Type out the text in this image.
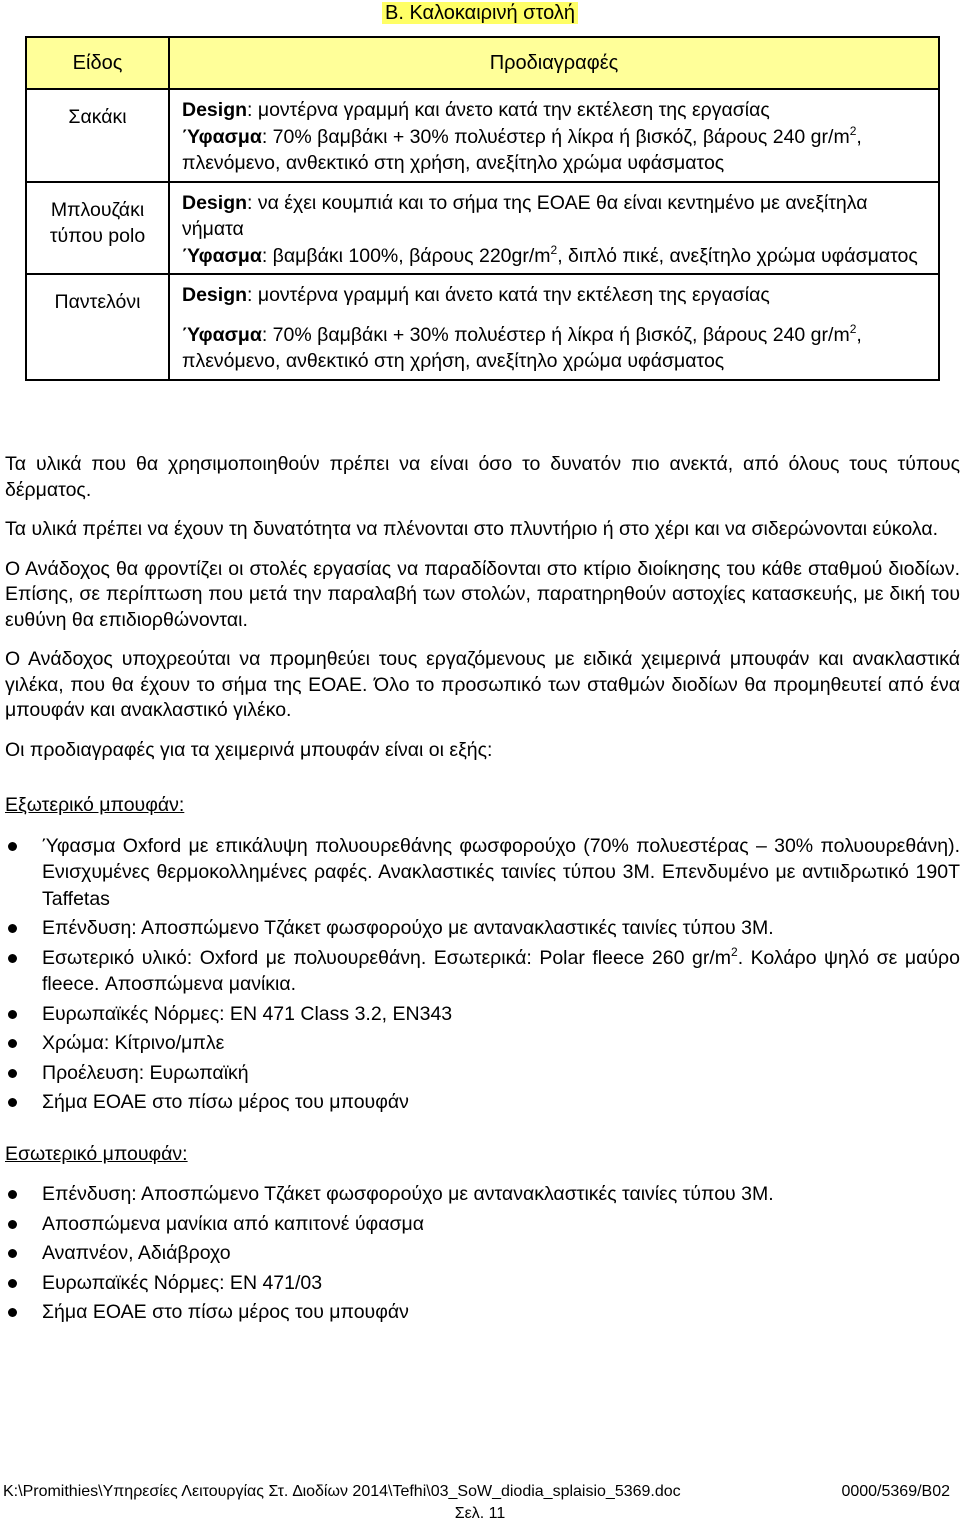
Β. Καλοκαιρινή στολή
Είδος	Προδιαγραφές
Σακάκι	Design: μοντέρνα γραμμή και άνετο κατά την εκτέλεση της εργασίας

Ύφασμα: 70% βαμβάκι + 30% πολυέστερ ή λίκρα ή βισκόζ, βάρους 240 $gr/m^2$, πλενόμενο, ανθεκτικό στη χρήση, ανεξίτηλο χρώμα υφάσματος

Μπλουζάκι τύπου polo	Design: να έχει κουμπιά και το σήμα της ΕΟΑΕ θα είναι κεντημένο με ανεξίτηλα νήματα

Ύφασμα: βαμβάκι 100%, βάρους $220gr/m^2$, διπλό πικέ, ανεξίτηλο χρώμα υφάσματος

Παντελόνι	Design: μοντέρνα γραμμή και άνετο κατά την εκτέλεση της εργασίας

Ύφασμα: 70% βαμβάκι + 30% πολυέστερ ή λίκρα ή βισκόζ, βάρους 240 $gr/m^2$, πλενόμενο, ανθεκτικό στη χρήση, ανεξίτηλο χρώμα υφάσματος

Τα υλικά που θα χρησιμοποιηθούν πρέπει να είναι όσο το δυνατόν πιο ανεκτά, από όλους τους τύπους δέρματος.

Τα υλικά πρέπει να έχουν τη δυνατότητα να πλένονται στο πλυντήριο ή στο χέρι και να σιδερώνονται εύκολα.

Ο Ανάδοχος θα φροντίζει οι στολές εργασίας να παραδίδονται στο κτίριο διοίκησης του κάθε σταθμού διοδίων. Επίσης, σε περίπτωση που μετά την παραλαβή των στολών, παρατηρηθούν αστοχίες κατασκευής, με δική του ευθύνη θα επιδιορθώνονται.

Ο Ανάδοχος υποχρεούται να προμηθεύει τους εργαζόμενους με ειδικά χειμερινά μπουφάν και ανακλαστικά γιλέκα, που θα έχουν το σήμα της ΕΟΑΕ. Όλο το προσωπικό των σταθμών διοδίων θα προμηθευτεί από ένα μπουφάν και ανακλαστικό γιλέκο.

Οι προδιαγραφές για τα χειμερινά μπουφάν είναι οι εξής:

Εξωτερικό μπουφάν:

Ύφασμα Oxford με επικάλυψη πολυουρεθάνης φωσφορούχο (70% πολυεστέρας – 30% πολυουρεθάνη). Ενισχυμένες θερμοκολλημένες ραφές. Ανακλαστικές ταινίες τύπου 3M. Επενδυμένο με αντιιδρωτικό 190T Taffetas
Επένδυση: Αποσπώμενο Τζάκετ φωσφορούχο με αντανακλαστικές ταινίες τύπου 3M.
Εσωτερικό υλικό: Oxford με πολυουρεθάνη. Εσωτερικά: Polar fleece 260 $gr/m^2$. Κολάρο ψηλό σε μαύρο fleece. Αποσπώμενα μανίκια.
Ευρωπαϊκές Νόρμες: EN 471 Class 3.2, EN343
Χρώμα: Κίτρινο/μπλε
Προέλευση: Ευρωπαϊκή
Σήμα ΕΟΑΕ στο πίσω μέρος του μπουφάν

Εσωτερικό μπουφάν:

Επένδυση: Αποσπώμενο Τζάκετ φωσφορούχο με αντανακλαστικές ταινίες τύπου 3M.
Αποσπώμενα μανίκια από καπιτονέ ύφασμα
Αναπνέον, Αδιάβροχο
Ευρωπαϊκές Νόρμες: EN 471/03
Σήμα ΕΟΑΕ στο πίσω μέρος του μπουφάν
K:\Promithies\Υπηρεσίες Λειτουργίας Στ. ∆ιοδίων 2014\Tefhi\03_SoW_diodia_splaisio_5369.doc	0000/5369/B02
Σελ. 11
